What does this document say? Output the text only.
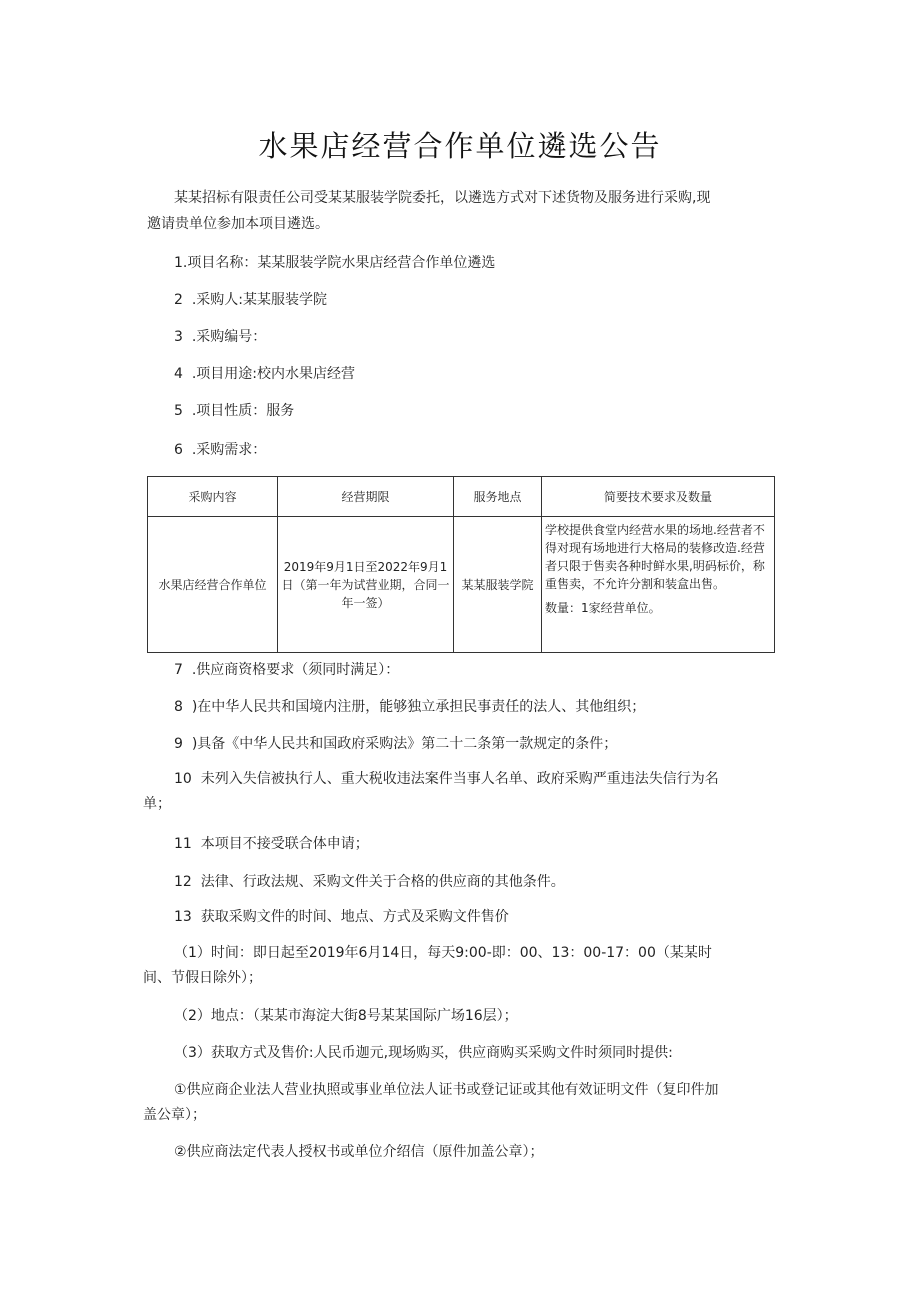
水果店经营合作单位遴选公告
某某招标有限责任公司受某某服装学院委托，以遴选方式对下述货物及服务进行采购,现
邀请贵单位参加本项目遴选。
1.项目名称：某某服装学院水果店经营合作单位遴选
2 .采购人:某某服装学院
3 .采购编号：
4 .项目用途:校内水果店经营
5 .项目性质：服务
6 .采购需求：
采购内容	经营期限	服务地点	简要技术要求及数量
水果店经营合作单位	2019年9月1日至2022年9月1日（第一年为试营业期，合同一年一签）	某某服装学院	学校提供食堂内经营水果的场地.经营者不得对现有场地进行大格局的装修改造.经营者只限于售卖各种时鲜水果,明码标价，称重售卖，不允许分割和装盒出售。
数量：1家经营单位。
7 .供应商资格要求（须同时满足）：
8 )在中华人民共和国境内注册，能够独立承担民事责任的法人、其他组织；
9 )具备《中华人民共和国政府采购法》第二十二条第一款规定的条件；
10 未列入失信被执行人、重大税收违法案件当事人名单、政府采购严重违法失信行为名
单；
11 本项目不接受联合体申请；
12 法律、行政法规、采购文件关于合格的供应商的其他条件。
13 获取采购文件的时间、地点、方式及采购文件售价
（1）时间：即日起至2019年6月14日，每天9:00-即：00、13：00-17：00（某某时
间、节假日除外）；
（2）地点：（某某市海淀大街8号某某国际广场16层）；
（3）获取方式及售价:人民币迦元,现场购买，供应商购买采购文件时须同时提供:
①供应商企业法人营业执照或事业单位法人证书或登记证或其他有效证明文件（复印件加
盖公章）；
②供应商法定代表人授权书或单位介绍信（原件加盖公章）；
